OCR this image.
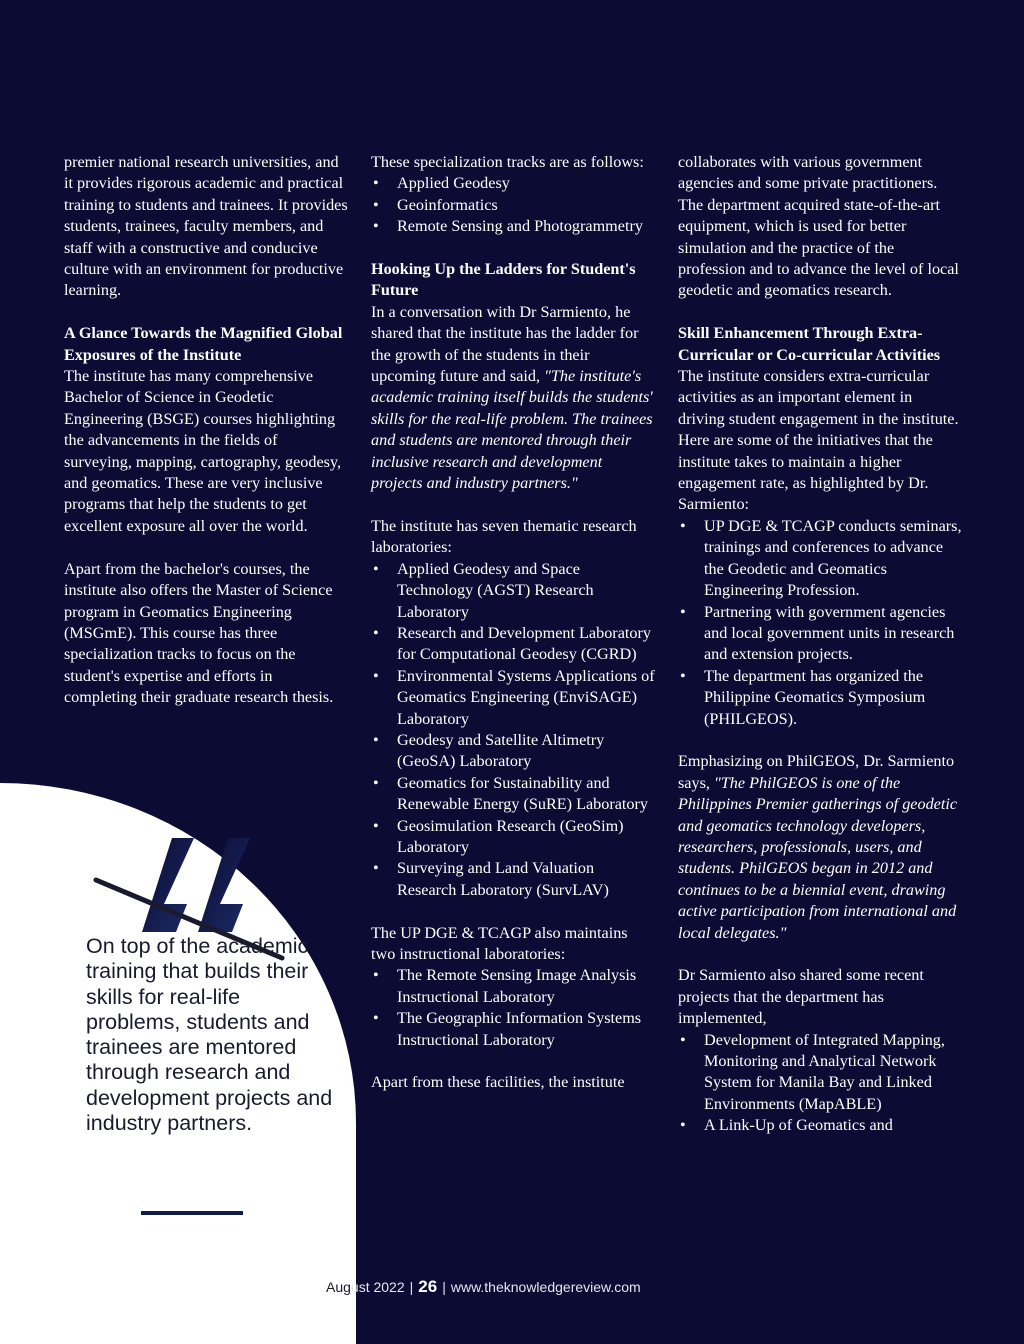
premier national research universities, and it provides rigorous academic and practical training to students and trainees. It provides students, trainees, faculty members, and staff with a constructive and conducive culture with an environment for productive learning.

A Glance Towards the Magnified Global Exposures of the Institute

The institute has many comprehensive Bachelor of Science in Geodetic Engineering (BSGE) courses highlighting the advancements in the fields of surveying, mapping, cartography, geodesy, and geomatics. These are very inclusive programs that help the students to get excellent exposure all over the world.

Apart from the bachelor's courses, the institute also offers the Master of Science program in Geomatics Engineering (MSGmE). This course has three specialization tracks to focus on the student's expertise and efforts in completing their graduate research thesis.

These specialization tracks are as follows:

• Applied Geodesy
• Geoinformatics
• Remote Sensing and Photogrammetry
Hooking Up the Ladders for Student's Future

In a conversation with Dr Sarmiento, he shared that the institute has the ladder for the growth of the students in their upcoming future and said, "The institute's academic training itself builds the students' skills for the real-life problem. The trainees and students are mentored through their inclusive research and development projects and industry partners."

The institute has seven thematic research laboratories:

• Applied Geodesy and Space Technology (AGST) Research Laboratory
• Research and Development Laboratory for Computational Geodesy (CGRD)
• Environmental Systems Applications of Geomatics Engineering (EnviSAGE) Laboratory
• Geodesy and Satellite Altimetry (GeoSA) Laboratory
• Geomatics for Sustainability and Renewable Energy (SuRE) Laboratory
• Geosimulation Research (GeoSim) Laboratory
• Surveying and Land Valuation Research Laboratory (SurvLAV)

The UP DGE & TCAGP also maintains two instructional laboratories:

• The Remote Sensing Image Analysis Instructional Laboratory
• The Geographic Information Systems Instructional Laboratory

Apart from these facilities, the institute

collaborates with various government agencies and some private practitioners. The department acquired state-of-the-art equipment, which is used for better simulation and the practice of the profession and to advance the level of local geodetic and geomatics research.

Skill Enhancement Through Extra-Curricular or Co-curricular Activities

The institute considers extra-curricular activities as an important element in driving student engagement in the institute. Here are some of the initiatives that the institute takes to maintain a higher engagement rate, as highlighted by Dr. Sarmiento:

• UP DGE & TCAGP conducts seminars, trainings and conferences to advance the Geodetic and Geomatics Engineering Profession.
• Partnering with government agencies and local government units in research and extension projects.
• The department has organized the Philippine Geomatics Symposium (PHILGEOS).

Emphasizing on PhilGEOS, Dr. Sarmiento says, "The PhilGEOS is one of the Philippines Premier gatherings of geodetic and geomatics technology developers, researchers, professionals, users, and students. PhilGEOS began in 2012 and continues to be a biennial event, drawing active participation from international and local delegates."

Dr Sarmiento also shared some recent projects that the department has implemented,

• Development of Integrated Mapping, Monitoring and Analytical Network System for Manila Bay and Linked Environments (MapABLE)
• A Link-Up of Geomatics and
On top of the academic training that builds their skills for real-life problems, students and trainees are mentored through research and development projects and industry partners.
August 2022 | 26 | www.theknowledgereview.com
